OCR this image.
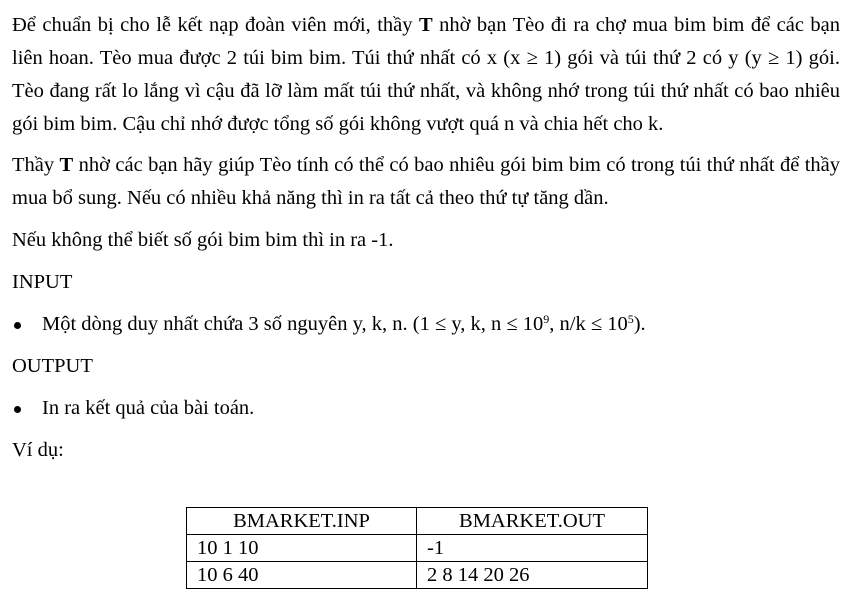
Để chuẩn bị cho lễ kết nạp đoàn viên mới, thầy T nhờ bạn Tèo đi ra chợ mua bim bim để các bạn liên hoan. Tèo mua được 2 túi bim bim. Túi thứ nhất có x (x ≥ 1) gói và túi thứ 2 có y (y ≥ 1) gói. Tèo đang rất lo lắng vì cậu đã lỡ làm mất túi thứ nhất, và không nhớ trong túi thứ nhất có bao nhiêu gói bim bim. Cậu chỉ nhớ được tổng số gói không vượt quá n và chia hết cho k.

Thầy T nhờ các bạn hãy giúp Tèo tính có thể có bao nhiêu gói bim bim có trong túi thứ nhất để thầy mua bổ sung. Nếu có nhiều khả năng thì in ra tất cả theo thứ tự tăng dần.

Nếu không thể biết số gói bim bim thì in ra -1.

INPUT

Một dòng duy nhất chứa 3 số nguyên y, k, n. (1 ≤ y, k, $n \le 10^9$, $n/k \le 10^5$).

OUTPUT

In ra kết quả của bài toán.

Ví dụ:

BMARKET.INP	BMARKET.OUT
10 1 10	-1
10 6 40	2 8 14 20 26
